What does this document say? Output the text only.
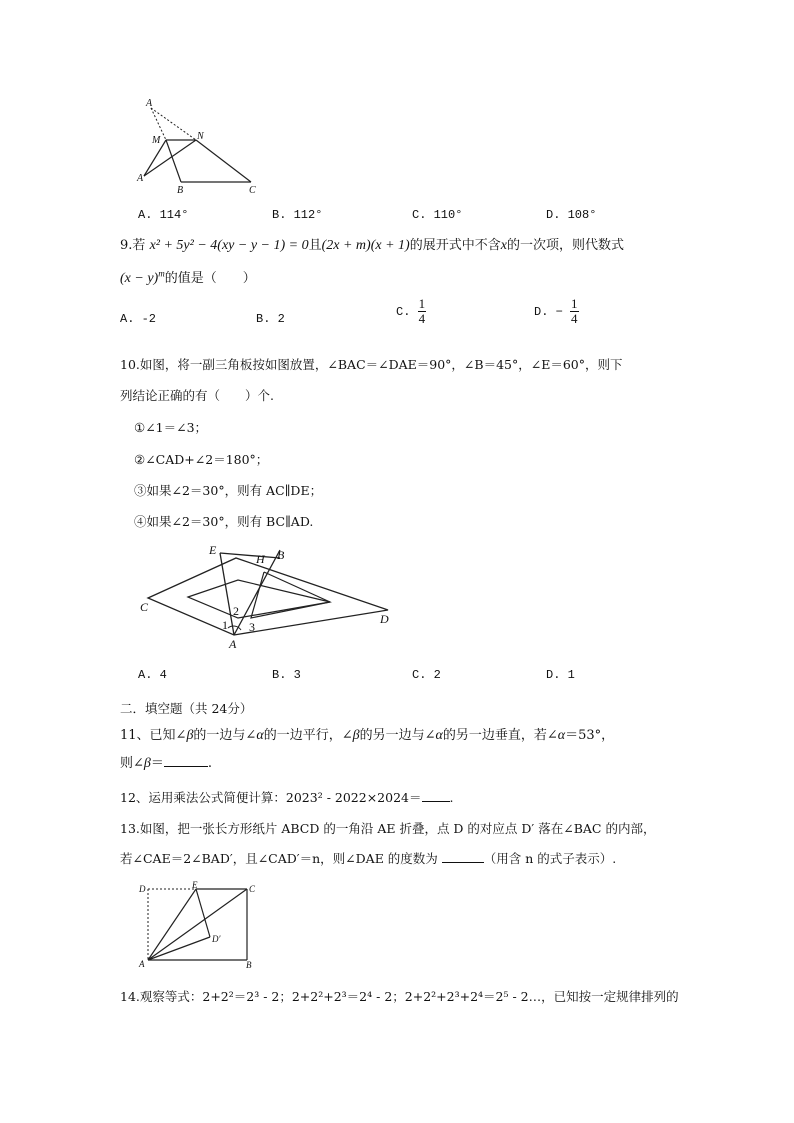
A
M	N
A′
B	C
A. 114°	B. 112°	C. 110°	D. 108°
9.若 x² + 5y² − 4(xy − y − 1) = 0且(2x + m)(x + 1)的展开式中不含x的一次项，则代数式
$(x - y)^m$的值是（　　）
A. -2	B. 2
C. $\frac{1}{4}$	D. − $\frac{1}{4}$
10.如图，将一副三角板按如图放置，∠BAC＝∠DAE＝90°，∠B＝45°，∠E＝60°，则下
列结论正确的有（　　）个.
①∠1＝∠3；
②∠CAD+∠2＝180°；
③如果∠2＝30°，则有 AC∥DE；
④如果∠2＝30°，则有 BC∥AD.
E
H B
C
D
A
1
2
3
A. 4	B. 3	C. 2	D. 1
二．填空题（共 24分）
11、已知∠β的一边与∠α的一边平行，∠β的另一边与∠α的另一边垂直，若∠α＝53°，
则∠β＝	.
12、运用乘法公式简便计算：2023² - 2022×2024＝ .
13.如图，把一张长方形纸片 ABCD 的一角沿 AE 折叠，点 D 的对应点 D′ 落在∠BAC 的内部，
若∠CAE＝2∠BAD′，且∠CAD′＝n，则∠DAE 的度数为	（用含 n 的式子表示）.
D	E	C
D′
A	B
14.观察等式：2+2²＝2³ - 2；2+2²+2³＝2⁴ - 2；2+2²+2³+2⁴＝2⁵ - 2…，已知按一定规律排列的
